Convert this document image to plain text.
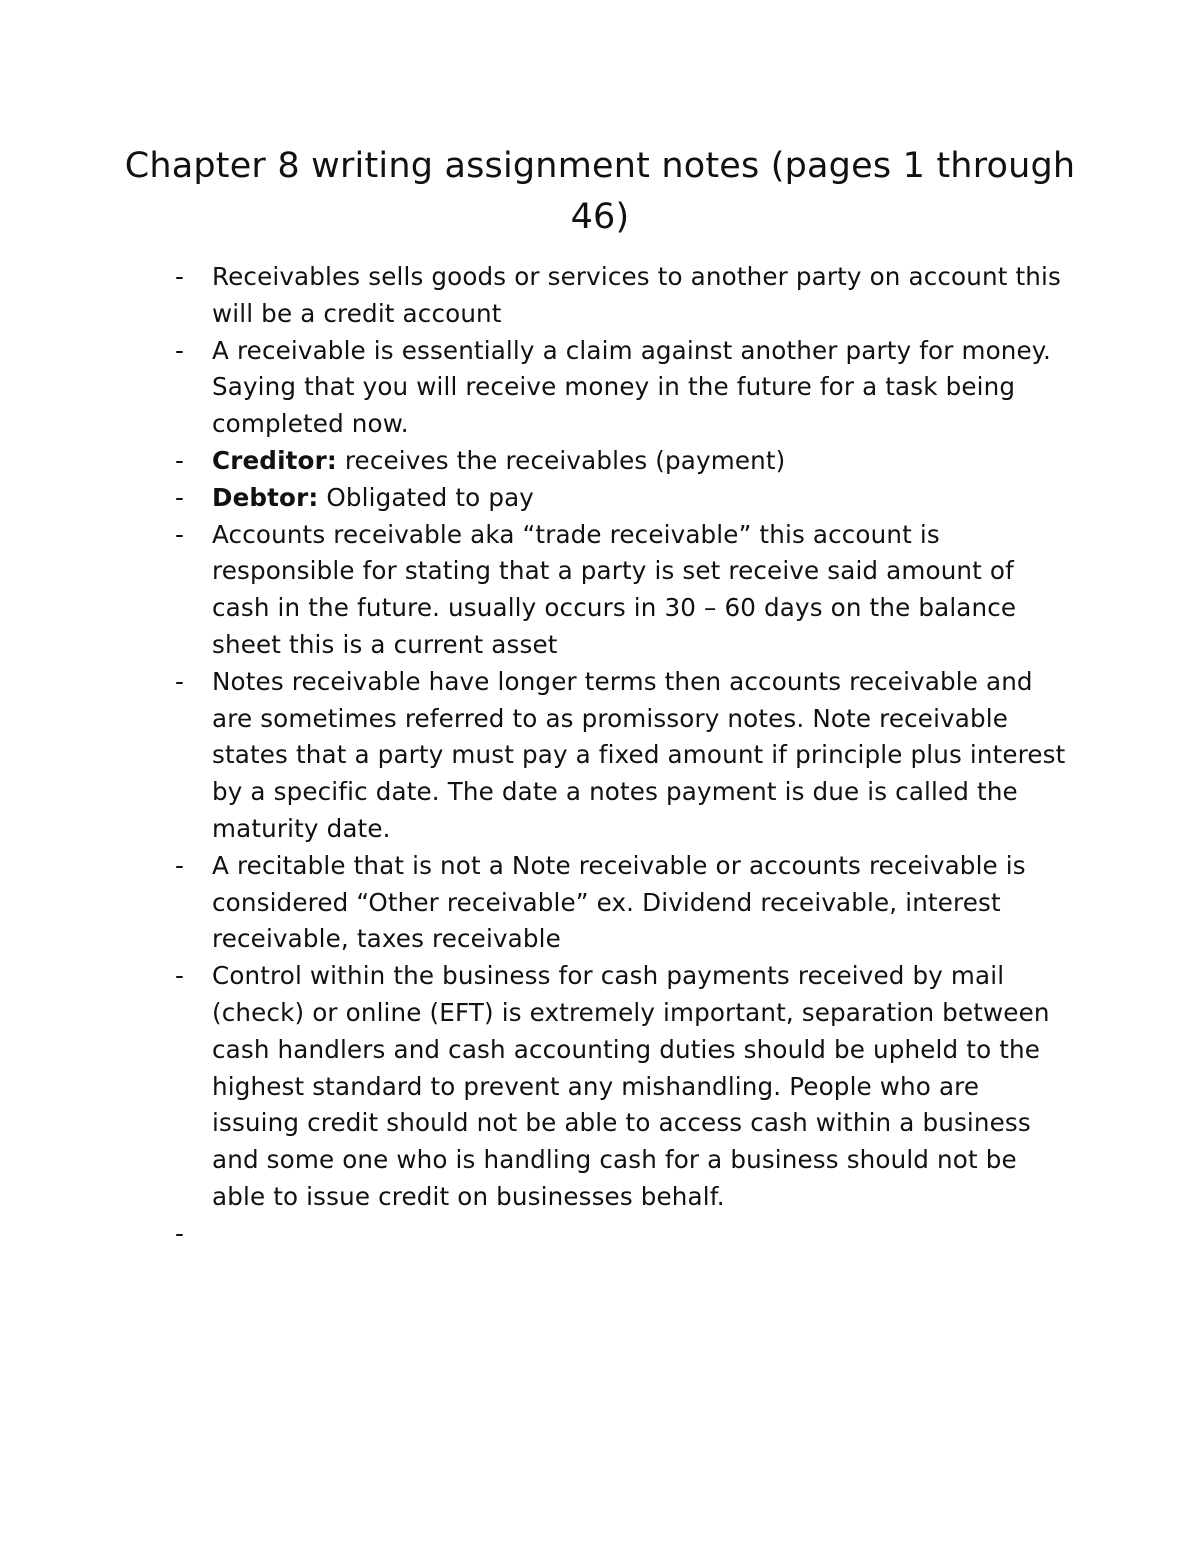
Chapter 8 writing assignment notes (pages 1 through 46)
- Receivables sells goods or services to another party on account this will be a credit account
- A receivable is essentially a claim against another party for money. Saying that you will receive money in the future for a task being completed now.
- Creditor: receives the receivables (payment)
- Debtor: Obligated to pay
- Accounts receivable aka “trade receivable” this account is responsible for stating that a party is set receive said amount of cash in the future. usually occurs in 30 – 60 days on the balance sheet this is a current asset
- Notes receivable have longer terms then accounts receivable and are sometimes referred to as promissory notes. Note receivable states that a party must pay a fixed amount if principle plus interest by a specific date. The date a notes payment is due is called the maturity date.
- A recitable that is not a Note receivable or accounts receivable is considered “Other receivable” ex. Dividend receivable, interest receivable, taxes receivable
- Control within the business for cash payments received by mail (check) or online (EFT) is extremely important, separation between cash handlers and cash accounting duties should be upheld to the highest standard to prevent any mishandling. People who are issuing credit should not be able to access cash within a business and some one who is handling cash for a business should not be able to issue credit on businesses behalf.
-
